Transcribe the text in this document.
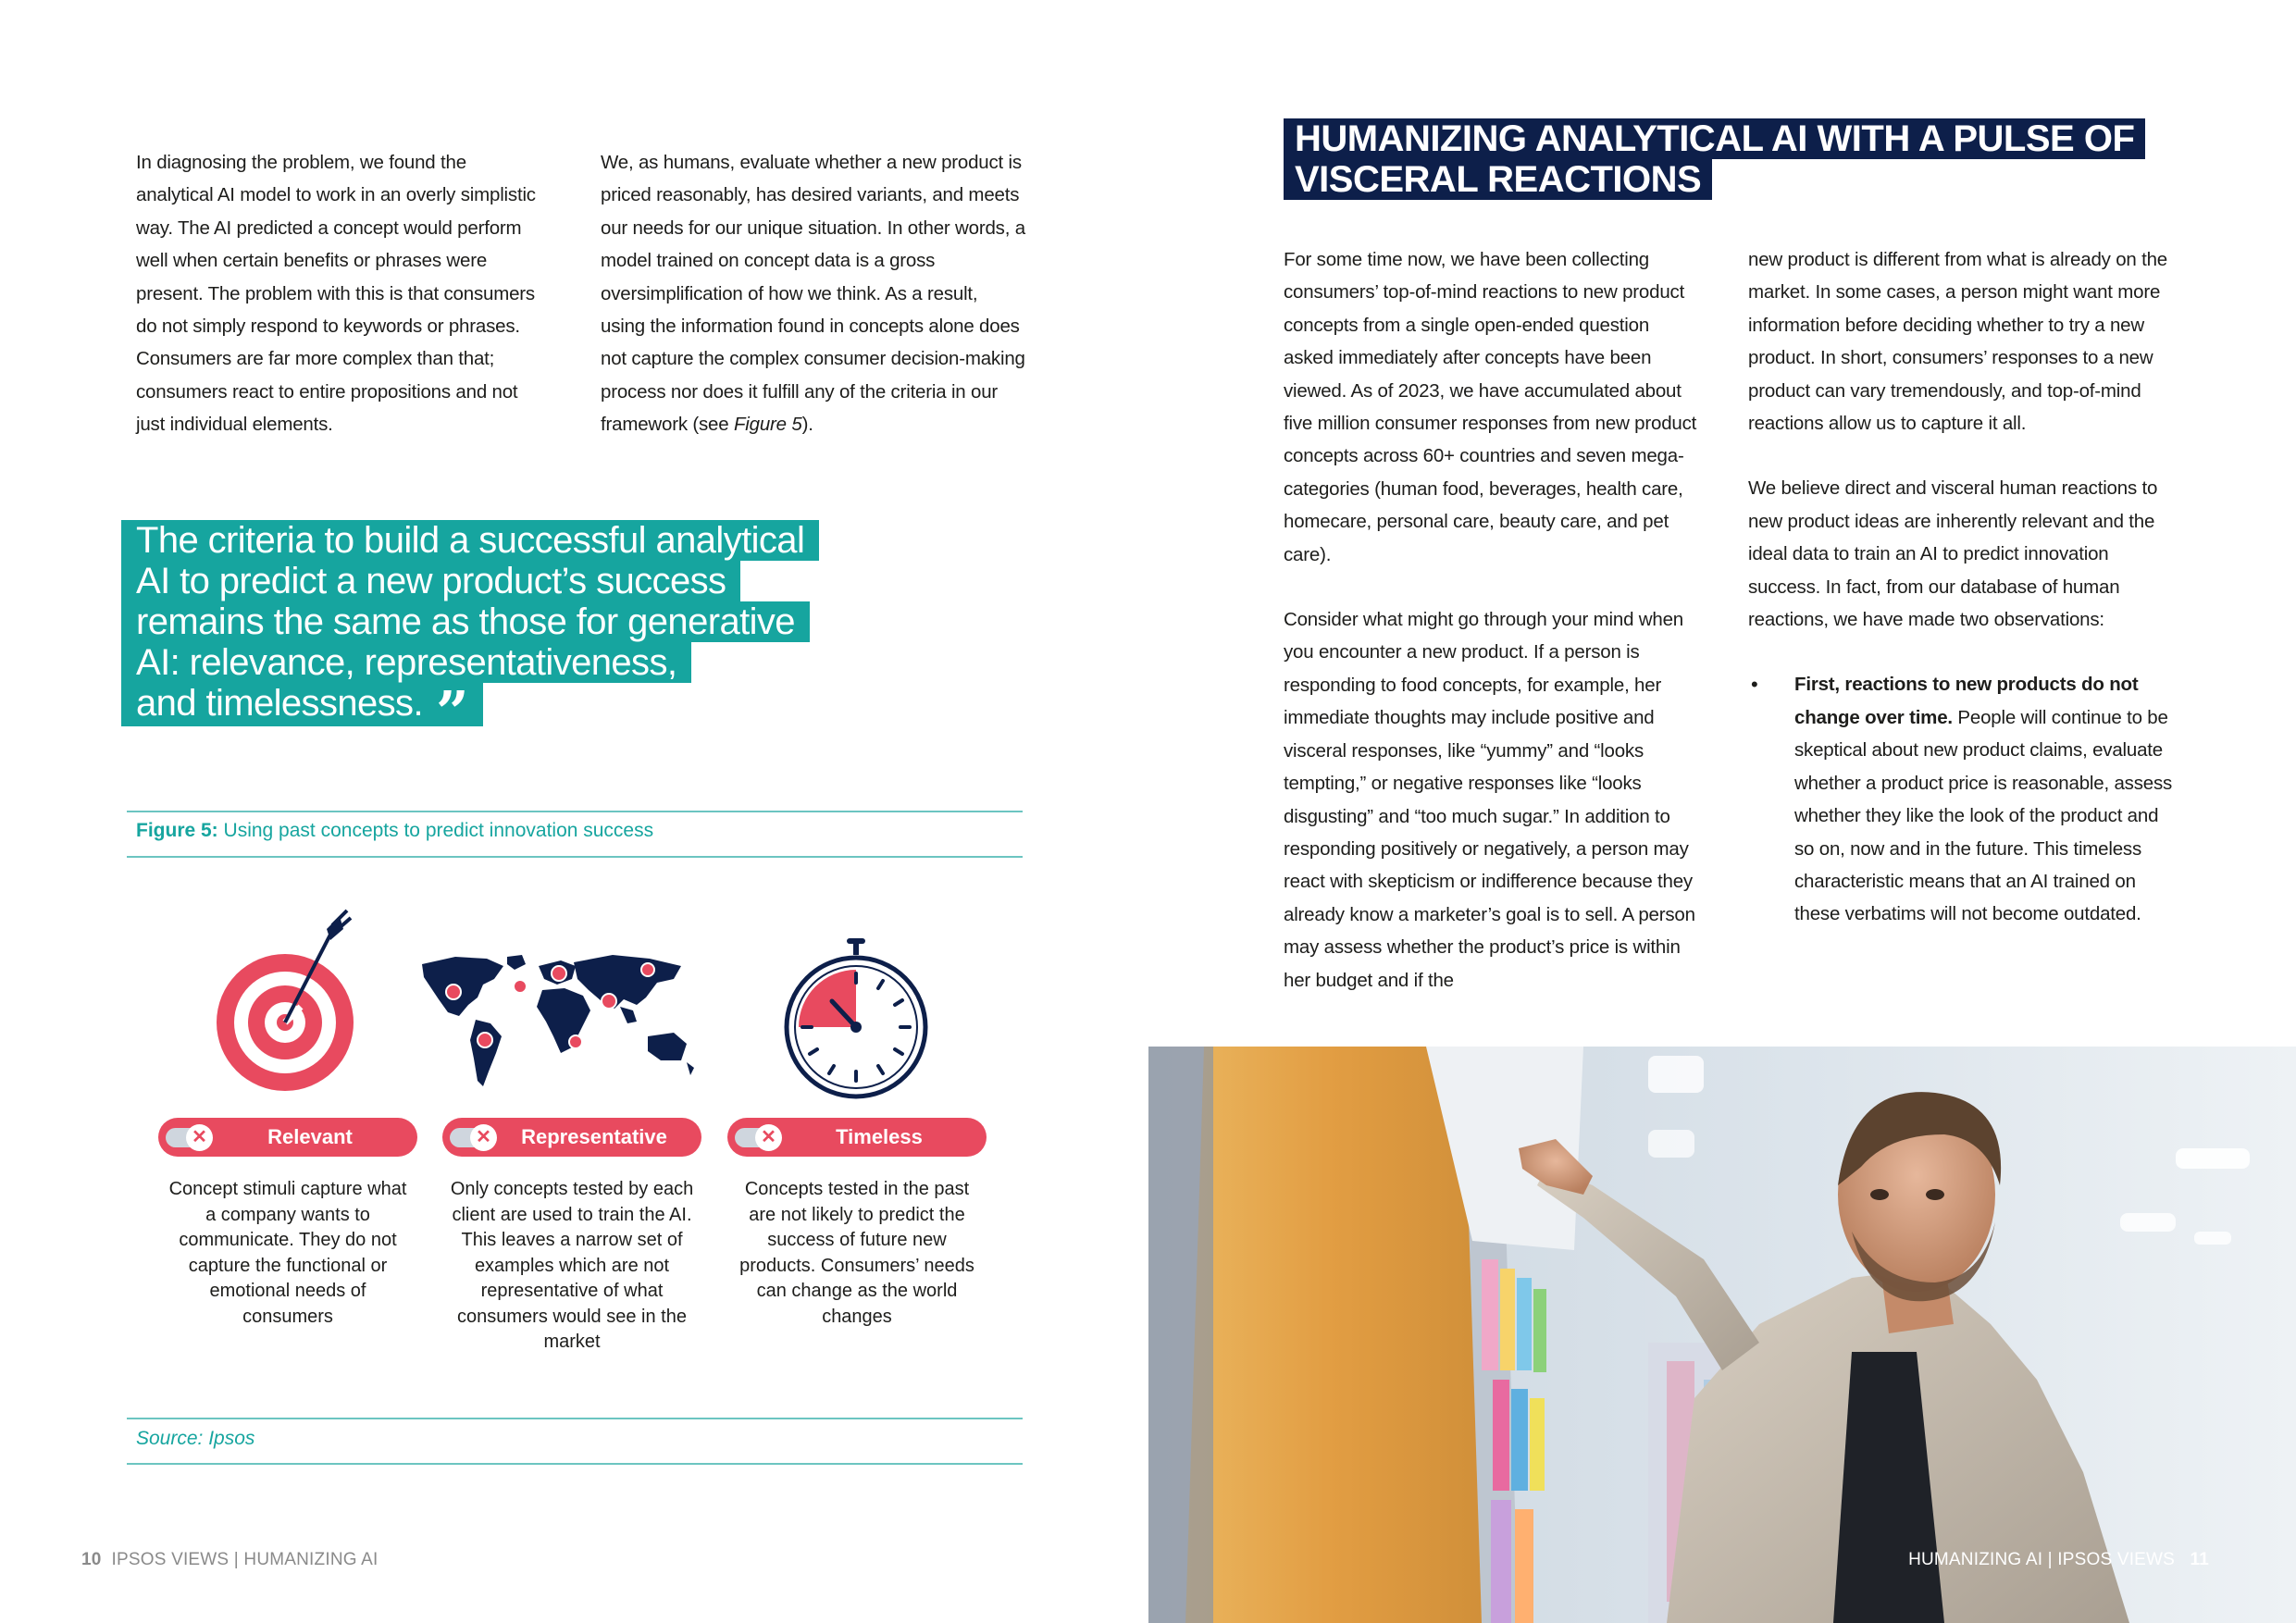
In diagnosing the problem, we found the analytical AI model to work in an overly simplistic way. The AI predicted a concept would perform well when certain benefits or phrases were present. The problem with this is that consumers do not simply respond to keywords or phrases. Consumers are far more complex than that; consumers react to entire propositions and not just individual elements.

We, as humans, evaluate whether a new product is priced reasonably, has desired variants, and meets our needs for our unique situation. In other words, a model trained on concept data is a gross oversimplification of how we think. As a result, using the information found in concepts alone does not capture the complex consumer decision-making process nor does it fulfill any of the criteria in our framework (see Figure 5).

The criteria to build a successful analytical
AI to predict a new product’s success
remains the same as those for generative
AI: relevance, representativeness,
and timelessness. ”
Figure 5: Using past concepts to predict innovation success
✕	Relevant
Concept stimuli capture what a company wants to communicate. They do not capture the functional or emotional needs of consumers
✕	Representative
Only concepts tested by each client are used to train the AI. This leaves a narrow set of examples which are not representative of what consumers would see in the market
✕	Timeless
Concepts tested in the past are not likely to predict the success of future new products. Consumers’ needs can change as the world changes
Source: Ipsos
10 IPSOS VIEWS | HUMANIZING AI
HUMANIZING ANALYTICAL AI WITH A PULSE OF
VISCERAL REACTIONS

For some time now, we have been collecting consumers’ top-of-mind reactions to new product concepts from a single open-ended question asked immediately after concepts have been viewed. As of 2023, we have accumulated about five million consumer responses from new product concepts across 60+ countries and seven mega-categories (human food, beverages, health care, homecare, personal care, beauty care, and pet care).

Consider what might go through your mind when you encounter a new product. If a person is responding to food concepts, for example, her immediate thoughts may include positive and visceral responses, like “yummy” and “looks tempting,” or negative responses like “looks disgusting” and “too much sugar.” In addition to responding positively or negatively, a person may react with skepticism or indifference because they already know a marketer’s goal is to sell. A person may assess whether the product’s price is within her budget and if the

new product is different from what is already on the market. In some cases, a person might want more information before deciding whether to try a new product. In short, consumers’ responses to a new product can vary tremendously, and top-of-mind reactions allow us to capture it all.

We believe direct and visceral human reactions to new product ideas are inherently relevant and the ideal data to train an AI to predict innovation success. In fact, from our database of human reactions, we have made two observations:

• First, reactions to new products do not change over time. People will continue to be skeptical about new product claims, evaluate whether a product price is reasonable, assess whether they like the look of the product and so on, now and in the future. This timeless characteristic means that an AI trained on these verbatims will not become outdated.

HUMANIZING AI | IPSOS VIEWS 11
